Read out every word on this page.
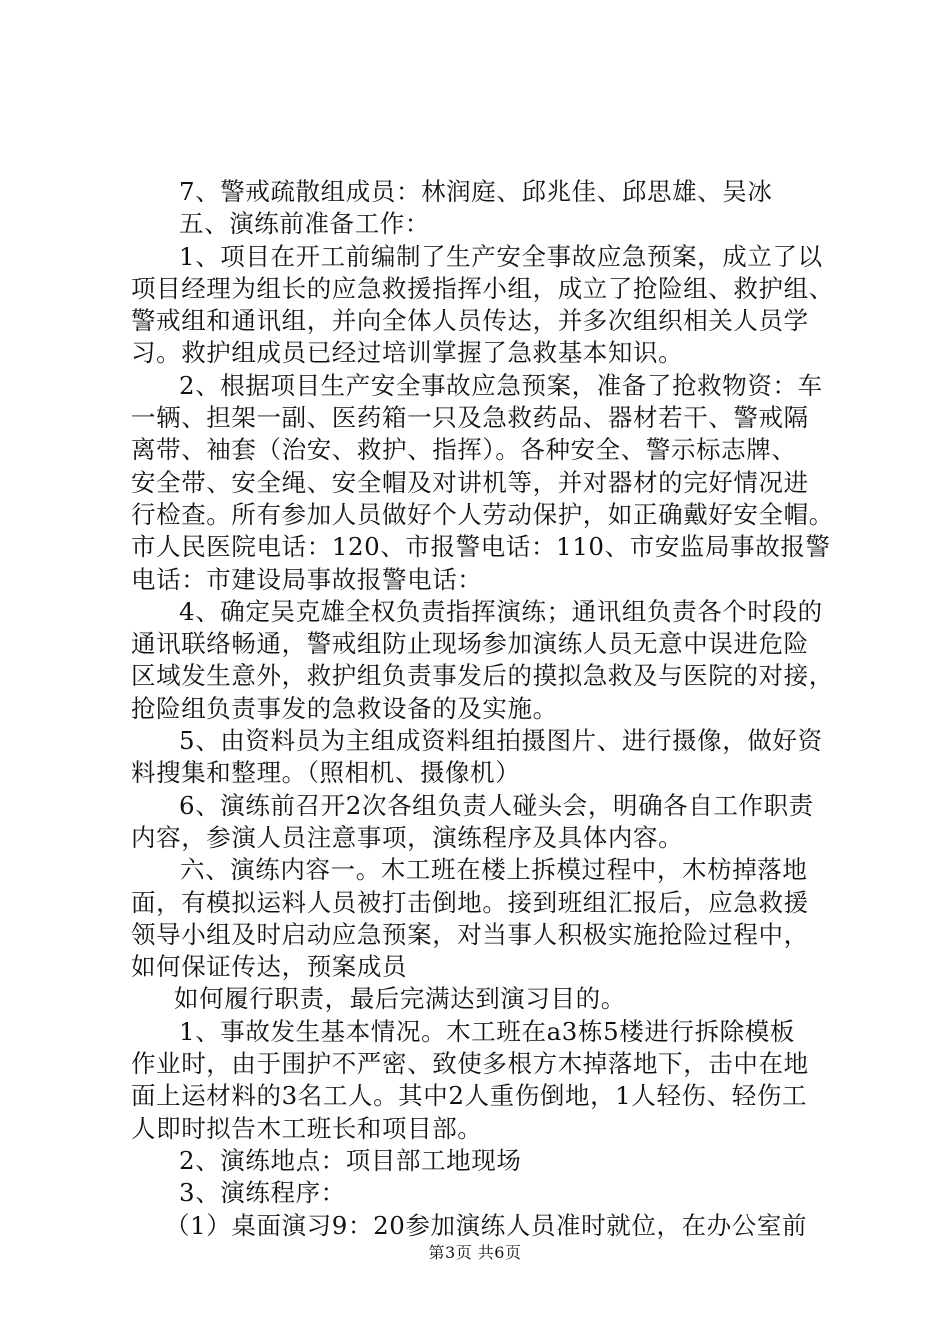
7、警戒疏散组成员：林润庭、邱兆佳、邱思雄、吴冰
五、演练前准备工作：
1、项目在开工前编制了生产安全事故应急预案，成立了以
项目经理为组长的应急救援指挥小组，成立了抢险组、救护组、
警戒组和通讯组，并向全体人员传达，并多次组织相关人员学
习。救护组成员已经过培训掌握了急救基本知识。
2、根据项目生产安全事故应急预案，准备了抢救物资：车
一辆、担架一副、医药箱一只及急救药品、器材若干、警戒隔
离带、袖套（治安、救护、指挥）。各种安全、警示标志牌、
安全带、安全绳、安全帽及对讲机等，并对器材的完好情况进
行检查。所有参加人员做好个人劳动保护，如正确戴好安全帽。
市人民医院电话：120、市报警电话：110、市安监局事故报警
电话：市建设局事故报警电话：
4、确定吴克雄全权负责指挥演练；通讯组负责各个时段的
通讯联络畅通，警戒组防止现场参加演练人员无意中误进危险
区域发生意外，救护组负责事发后的摸拟急救及与医院的对接，
抢险组负责事发的急救设备的及实施。
5、由资料员为主组成资料组拍摄图片、进行摄像，做好资
料搜集和整理。（照相机、摄像机）
6、演练前召开2次各组负责人碰头会，明确各自工作职责
内容，参演人员注意事项，演练程序及具体内容。
六、演练内容一。木工班在楼上拆模过程中，木枋掉落地
面，有模拟运料人员被打击倒地。接到班组汇报后，应急救援
领导小组及时启动应急预案，对当事人积极实施抢险过程中，
如何保证传达，预案成员
如何履行职责，最后完满达到演习目的。
1、事故发生基本情况。木工班在a3栋5楼进行拆除模板
作业时，由于围护不严密、致使多根方木掉落地下，击中在地
面上运材料的3名工人。其中2人重伤倒地，1人轻伤、轻伤工
人即时拟告木工班长和项目部。
2、演练地点：项目部工地现场
3、演练程序：
（1）桌面演习9：20参加演练人员准时就位，在办公室前
第3页 共6页
